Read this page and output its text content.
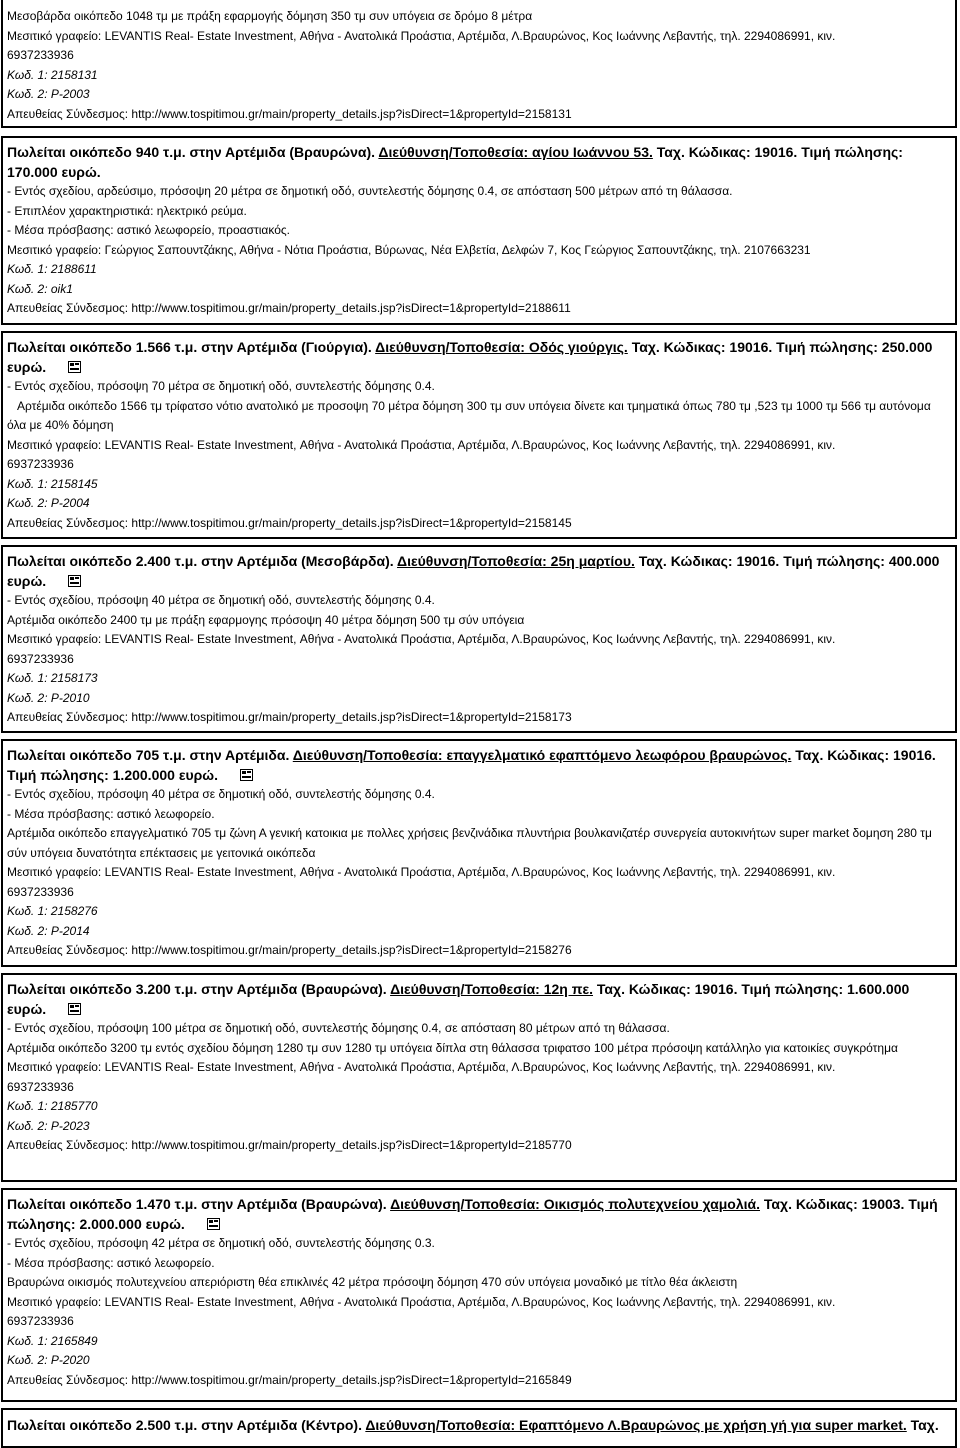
Μεσοβάρδα οικόπεδο 1048 τμ με πράξη εφαρμογής δόμηση 350 τμ συν υπόγεια σε δρόμο 8 μέτρα
Μεσιτικό γραφείο: LEVANTIS Real- Estate Investment, Αθήνα - Ανατολικά Προάστια, Αρτέμιδα, Λ.Βραυρώνος, Κος Ιωάννης Λεβαντής, τηλ. 2294086991, κιν.
6937233936
Κωδ. 1: 2158131
Κωδ. 2: P-2003
Απευθείας Σύνδεσμος: http://www.tospitimou.gr/main/property_details.jsp?isDirect=1&propertyId=2158131
Πωλείται οικόπεδο 940 τ.μ. στην Αρτέμιδα (Βραυρώνα). Διεύθυνση/Τοποθεσία: αγίου Ιωάννου 53. Ταχ. Κώδικας: 19016. Τιμή πώλησης: 170.000 ευρώ.
- Εντός σχεδίου, αρδεύσιμο, πρόσοψη 20 μέτρα σε δημοτική οδό, συντελεστής δόμησης 0.4, σε απόσταση 500 μέτρων από τη θάλασσα.
- Επιπλέον χαρακτηριστικά: ηλεκτρικό ρεύμα.
- Μέσα πρόσβασης: αστικό λεωφορείο, προαστιακός.
Μεσιτικό γραφείο: Γεώργιος Σαπουντζάκης, Αθήνα - Νότια Προάστια, Βύρωνας, Νέα Ελβετία, Δελφών 7, Κος Γεώργιος Σαπουντζάκης, τηλ. 2107663231
Κωδ. 1: 2188611
Κωδ. 2: oik1
Απευθείας Σύνδεσμος: http://www.tospitimou.gr/main/property_details.jsp?isDirect=1&propertyId=2188611
Πωλείται οικόπεδο 1.566 τ.μ. στην Αρτέμιδα (Γιούργια). Διεύθυνση/Τοποθεσία: Οδός γιούργις. Ταχ. Κώδικας: 19016. Τιμή πώλησης: 250.000 ευρώ.
- Εντός σχεδίου, πρόσοψη 70 μέτρα σε δημοτική οδό, συντελεστής δόμησης 0.4.
Αρτέμιδα οικόπεδο 1566 τμ τρίφατσο νότιο ανατολικό με προσοψη 70 μέτρα δόμηση 300 τμ συν υπόγεια δίνετε και τμηματικά όπως 780 τμ ,523 τμ 1000 τμ 566 τμ αυτόνομα όλα με 40% δόμηση
Μεσιτικό γραφείο: LEVANTIS Real- Estate Investment, Αθήνα - Ανατολικά Προάστια, Αρτέμιδα, Λ.Βραυρώνος, Κος Ιωάννης Λεβαντής, τηλ. 2294086991, κιν.
6937233936
Κωδ. 1: 2158145
Κωδ. 2: P-2004
Απευθείας Σύνδεσμος: http://www.tospitimou.gr/main/property_details.jsp?isDirect=1&propertyId=2158145
Πωλείται οικόπεδο 2.400 τ.μ. στην Αρτέμιδα (Μεσοβάρδα). Διεύθυνση/Τοποθεσία: 25η μαρτίου. Ταχ. Κώδικας: 19016. Τιμή πώλησης: 400.000 ευρώ.
- Εντός σχεδίου, πρόσοψη 40 μέτρα σε δημοτική οδό, συντελεστής δόμησης 0.4.
Αρτέμιδα οικόπεδο 2400 τμ με πράξη εφαρμογης πρόσοψη 40 μέτρα δόμηση 500 τμ σύν υπόγεια
Μεσιτικό γραφείο: LEVANTIS Real- Estate Investment, Αθήνα - Ανατολικά Προάστια, Αρτέμιδα, Λ.Βραυρώνος, Κος Ιωάννης Λεβαντής, τηλ. 2294086991, κιν.
6937233936
Κωδ. 1: 2158173
Κωδ. 2: P-2010
Απευθείας Σύνδεσμος: http://www.tospitimou.gr/main/property_details.jsp?isDirect=1&propertyId=2158173
Πωλείται οικόπεδο 705 τ.μ. στην Αρτέμιδα. Διεύθυνση/Τοποθεσία: επαγγελματικό εφαπτόμενο λεωφόρου βραυρώνος. Ταχ. Κώδικας: 19016. Τιμή πώλησης: 1.200.000 ευρώ.
- Εντός σχεδίου, πρόσοψη 40 μέτρα σε δημοτική οδό, συντελεστής δόμησης 0.4.
- Μέσα πρόσβασης: αστικό λεωφορείο.
Αρτέμιδα οικόπεδο επαγγελματικό 705 τμ ζώνη Α γενική κατοικια με πολλες χρήσεις βενζινάδικα πλυντήρια βουλκανιζατέρ συνεργεία αυτοκινήτων super market δομηση 280 τμ σύν υπόγεια δυνατότητα επέκτασεις με γειτονικά οικόπεδα
Μεσιτικό γραφείο: LEVANTIS Real- Estate Investment, Αθήνα - Ανατολικά Προάστια, Αρτέμιδα, Λ.Βραυρώνος, Κος Ιωάννης Λεβαντής, τηλ. 2294086991, κιν.
6937233936
Κωδ. 1: 2158276
Κωδ. 2: P-2014
Απευθείας Σύνδεσμος: http://www.tospitimou.gr/main/property_details.jsp?isDirect=1&propertyId=2158276
Πωλείται οικόπεδο 3.200 τ.μ. στην Αρτέμιδα (Βραυρώνα). Διεύθυνση/Τοποθεσία: 12η πε. Ταχ. Κώδικας: 19016. Τιμή πώλησης: 1.600.000 ευρώ.
- Εντός σχεδίου, πρόσοψη 100 μέτρα σε δημοτική οδό, συντελεστής δόμησης 0.4, σε απόσταση 80 μέτρων από τη θάλασσα.
Αρτέμιδα οικόπεδο 3200 τμ εντός σχεδίου δόμηση 1280 τμ συν 1280 τμ υπόγεια δίπλα στη θάλασσα τριφατσο 100 μέτρα πρόσοψη κατάλληλο για κατοικίες συγκρότημα
Μεσιτικό γραφείο: LEVANTIS Real- Estate Investment, Αθήνα - Ανατολικά Προάστια, Αρτέμιδα, Λ.Βραυρώνος, Κος Ιωάννης Λεβαντής, τηλ. 2294086991, κιν.
6937233936
Κωδ. 1: 2185770
Κωδ. 2: P-2023
Απευθείας Σύνδεσμος: http://www.tospitimou.gr/main/property_details.jsp?isDirect=1&propertyId=2185770
Πωλείται οικόπεδο 1.470 τ.μ. στην Αρτέμιδα (Βραυρώνα). Διεύθυνση/Τοποθεσία: Οικισμός πολυτεχνείου χαμολιά. Ταχ. Κώδικας: 19003. Τιμή πώλησης: 2.000.000 ευρώ.
- Εντός σχεδίου, πρόσοψη 42 μέτρα σε δημοτική οδό, συντελεστής δόμησης 0.3.
- Μέσα πρόσβασης: αστικό λεωφορείο.
Βραυρώνα οικισμός πολυτεχνείου απεριόριστη θέα επικλινές 42 μέτρα πρόσοψη δόμηση 470 σύν υπόγεια μοναδικό με τίτλο θέα άκλειστη
Μεσιτικό γραφείο: LEVANTIS Real- Estate Investment, Αθήνα - Ανατολικά Προάστια, Αρτέμιδα, Λ.Βραυρώνος, Κος Ιωάννης Λεβαντής, τηλ. 2294086991, κιν.
6937233936
Κωδ. 1: 2165849
Κωδ. 2: P-2020
Απευθείας Σύνδεσμος: http://www.tospitimou.gr/main/property_details.jsp?isDirect=1&propertyId=2165849
Πωλείται οικόπεδο 2.500 τ.μ. στην Αρτέμιδα (Κέντρο). Διεύθυνση/Τοποθεσία: Εφαπτόμενο Λ.Βραυρώνος με χρήση γή για super market. Ταχ.
